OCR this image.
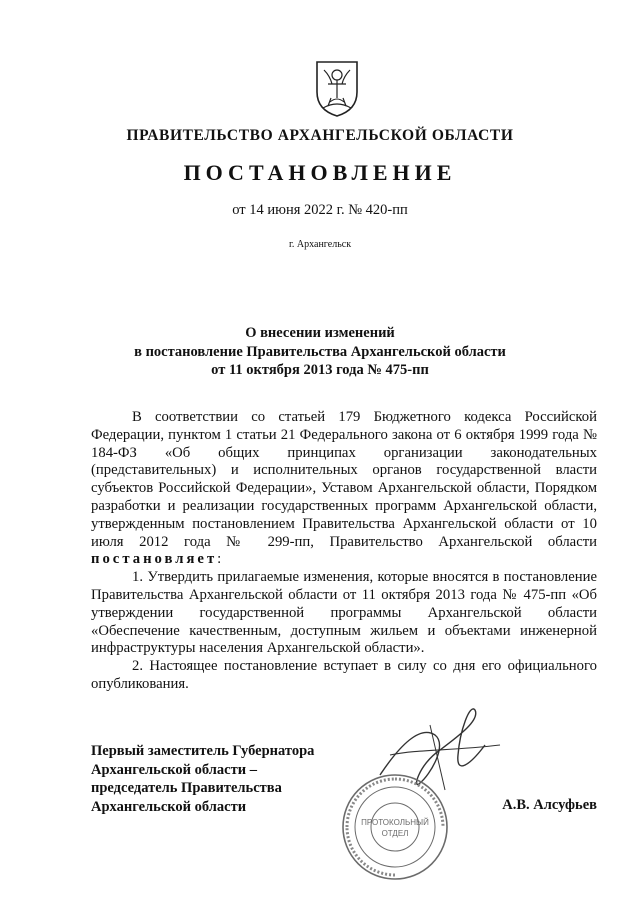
ПРАВИТЕЛЬСТВО АРХАНГЕЛЬСКОЙ ОБЛАСТИ
ПОСТАНОВЛЕНИЕ
от 14 июня 2022 г. № 420-пп
г. Архангельск
О внесении изменений
в постановление Правительства Архангельской области
от 11 октября 2013 года № 475-пп

В соответствии со статьей 179 Бюджетного кодекса Российской Федерации, пунктом 1 статьи 21 Федерального закона от 6 октября 1999 года № 184-ФЗ «Об общих принципах организации законодательных (представительных) и исполнительных органов государственной власти субъектов Российской Федерации», Уставом Архангельской области, Порядком разработки и реализации государственных программ Архангельской области, утвержденным постановлением Правительства Архангельской области от 10 июля 2012 года № 299-пп, Правительство Архангельской области постановляет:

1. Утвердить прилагаемые изменения, которые вносятся в постановление Правительства Архангельской области от 11 октября 2013 года № 475-пп «Об утверждении государственной программы Архангельской области «Обеспечение качественным, доступным жильем и объектами инженерной инфраструктуры населения Архангельской области».

2. Настоящее постановление вступает в силу со дня его официального опубликования.

Первый заместитель Губернатора
Архангельской области –
председатель Правительства
Архангельской области	А.В. Алсуфьев
ПРОТОКОЛЬНЫЙ
ОТДЕЛ
